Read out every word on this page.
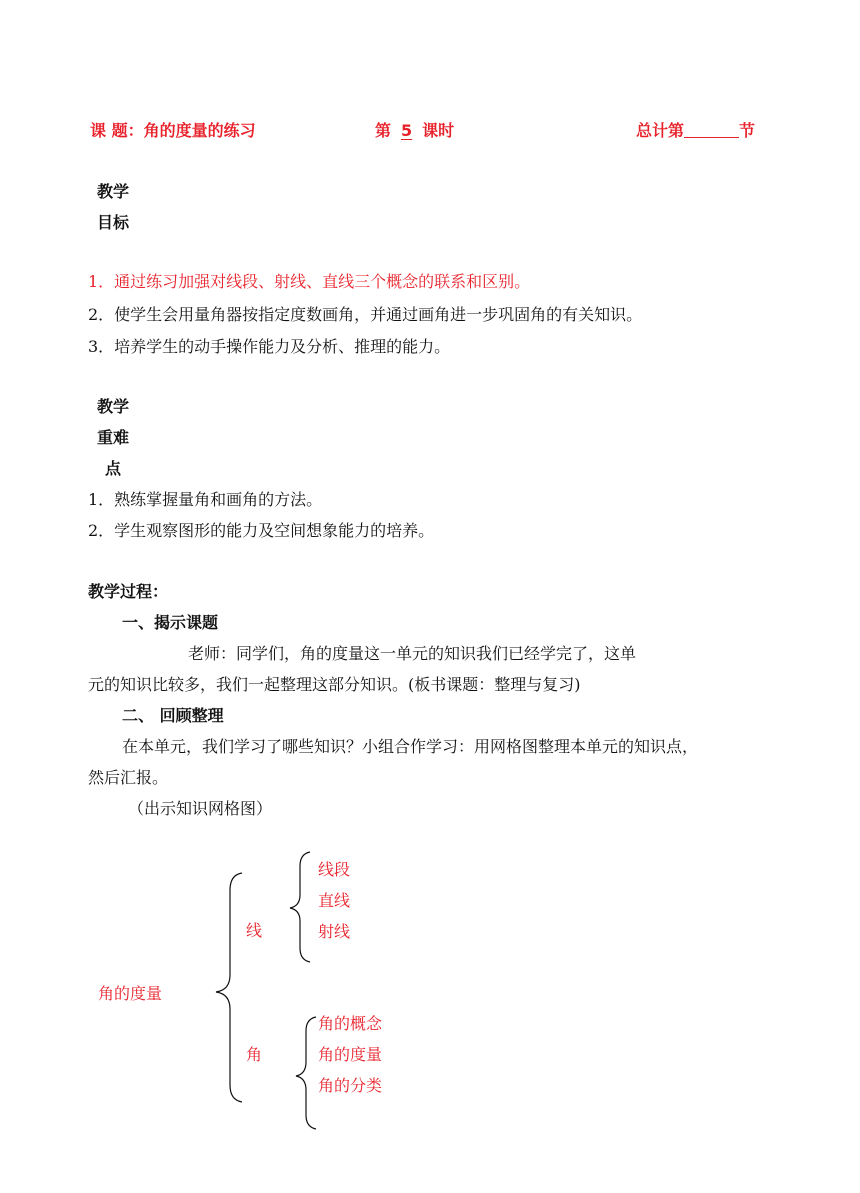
课 题：角的度量的练习	第 5 课时	总计第	节
教学
目标
1．通过练习加强对线段、射线、直线三个概念的联系和区别。
2．使学生会用量角器按指定度数画角，并通过画角进一步巩固角的有关知识。
3．培养学生的动手操作能力及分析、推理的能力。
教学
重难
点
1．熟练掌握量角和画角的方法。
2．学生观察图形的能力及空间想象能力的培养。
教学过程：
一、揭示课题
老师：同学们，角的度量这一单元的知识我们已经学完了，这单
元的知识比较多，我们一起整理这部分知识。(板书课题：整理与复习)
二、 回顾整理
在本单元，我们学习了哪些知识？小组合作学习：用网格图整理本单元的知识点，
然后汇报。
（出示知识网格图）
角的度量
线
角
线段
直线
射线
角的概念
角的度量
角的分类
